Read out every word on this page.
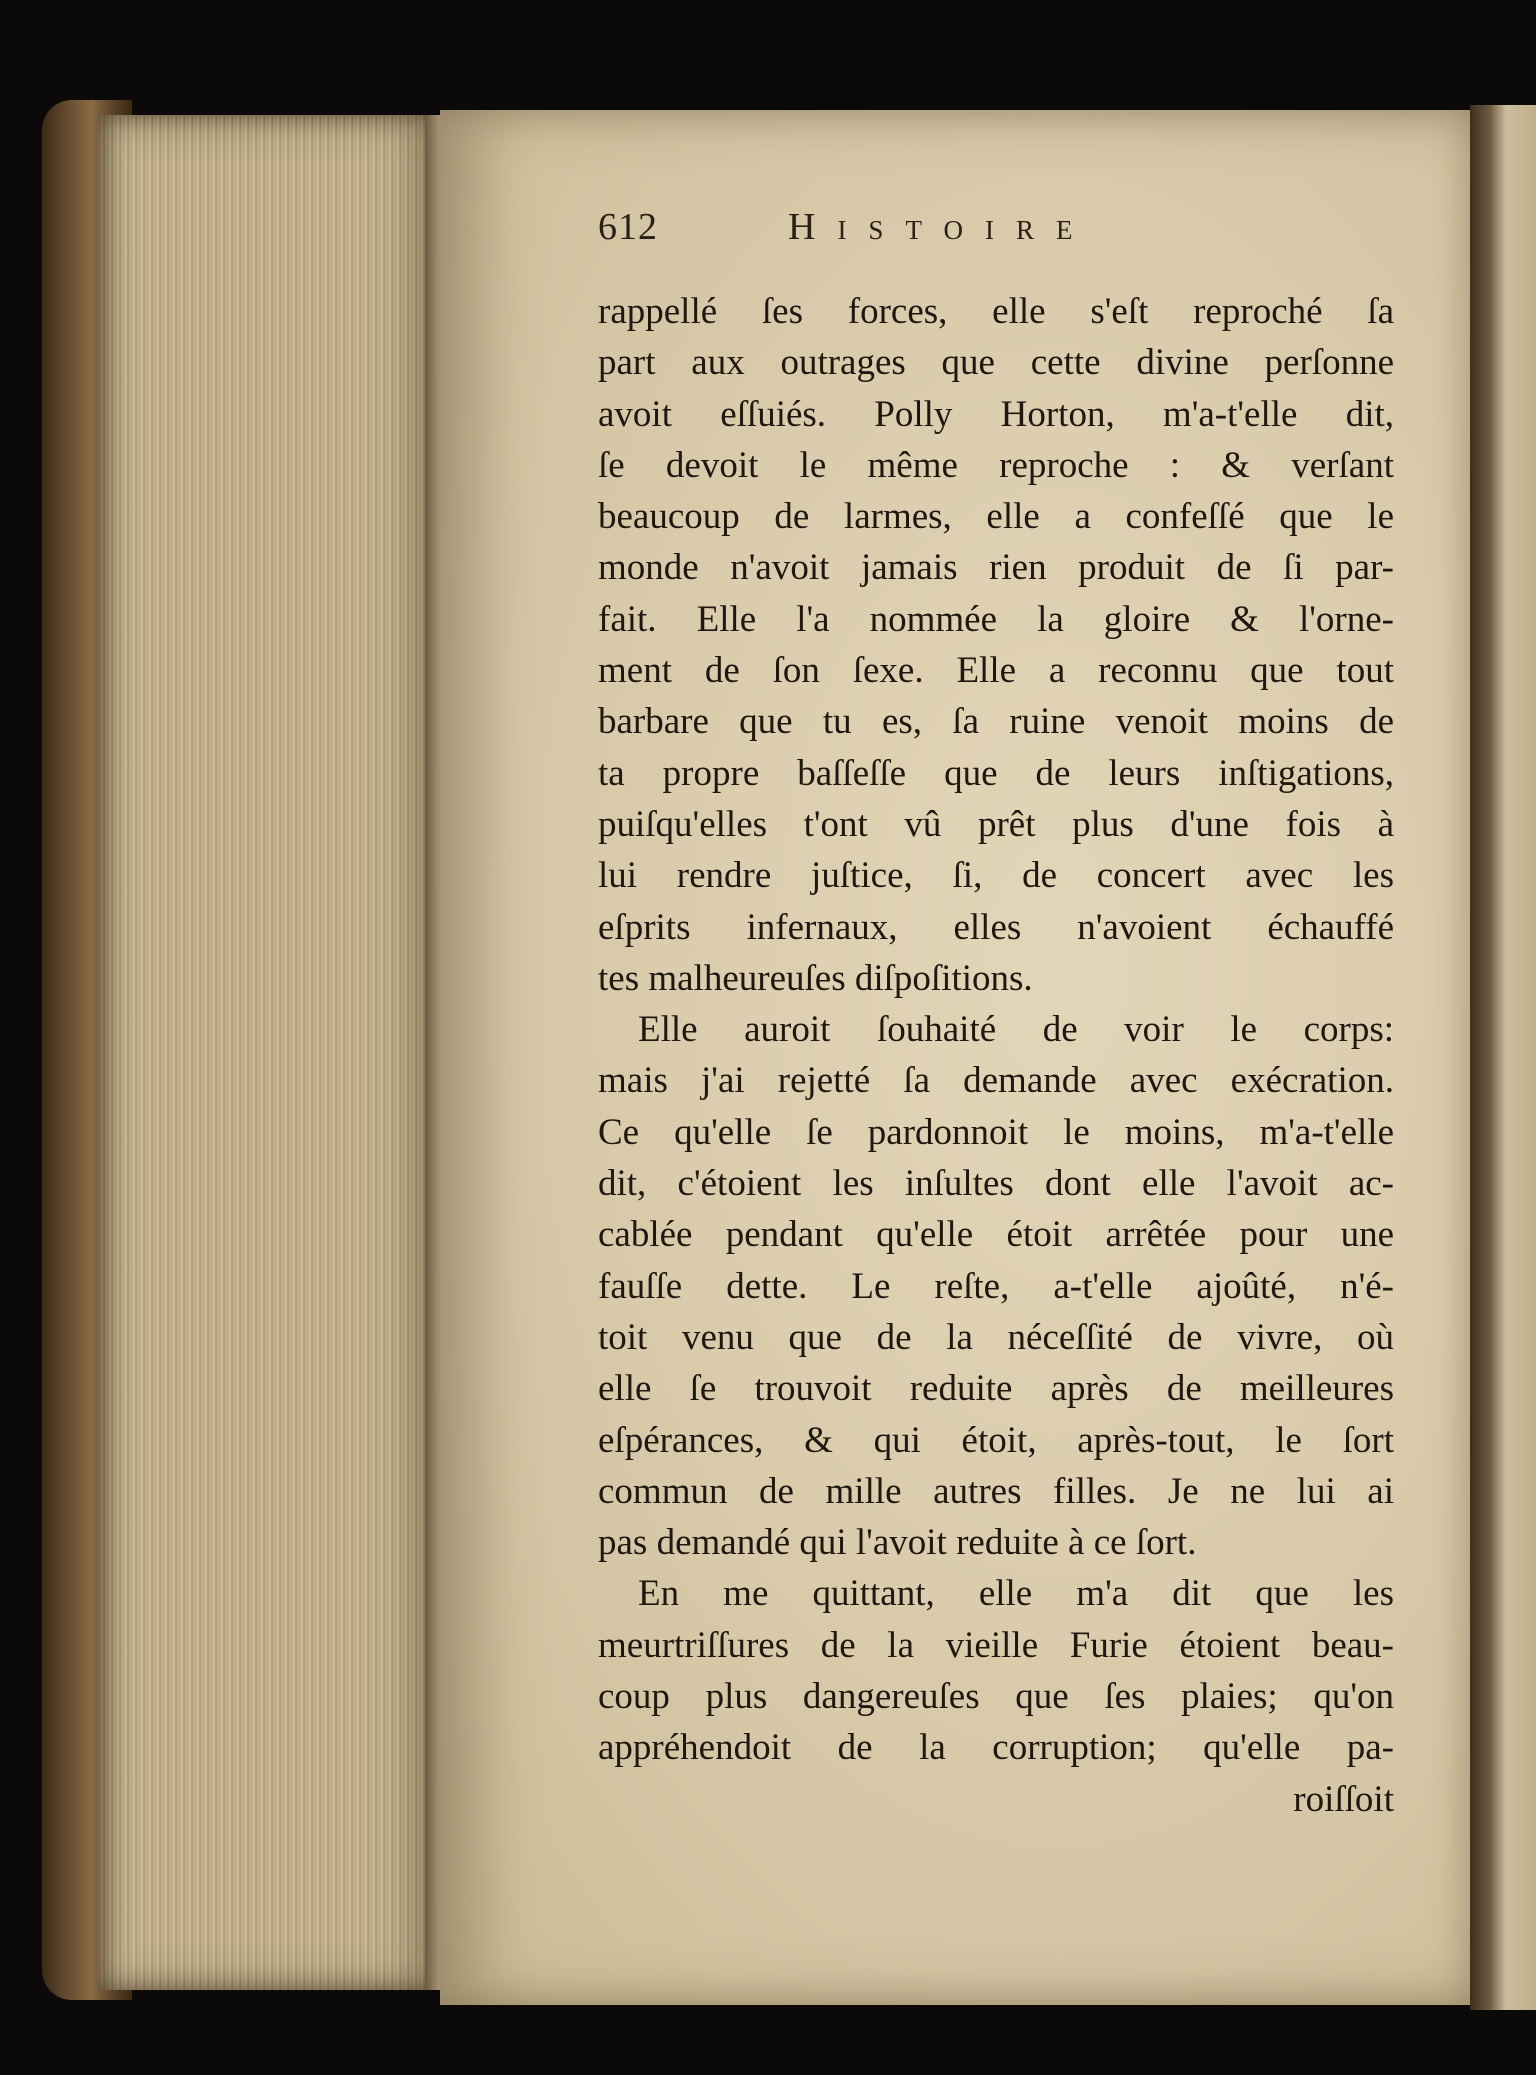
612	Histoire
rappellé ſes forces, elle s'eſt reproché ſa
part aux outrages que cette divine perſonne
avoit eſſuiés. Polly Horton, m'a-t'elle dit,
ſe devoit le même reproche : & verſant
beaucoup de larmes, elle a confeſſé que le
monde n'avoit jamais rien produit de ſi par-
fait. Elle l'a nommée la gloire & l'orne-
ment de ſon ſexe. Elle a reconnu que tout
barbare que tu es, ſa ruine venoit moins de
ta propre baſſeſſe que de leurs inſtigations,
puiſqu'elles t'ont vû prêt plus d'une fois à
lui rendre juſtice, ſi, de concert avec les
eſprits infernaux, elles n'avoient échauffé
tes malheureuſes diſpoſitions.
Elle auroit ſouhaité de voir le corps:
mais j'ai rejetté ſa demande avec exécration.
Ce qu'elle ſe pardonnoit le moins, m'a-t'elle
dit, c'étoient les inſultes dont elle l'avoit ac-
cablée pendant qu'elle étoit arrêtée pour une
fauſſe dette. Le reſte, a-t'elle ajoûté, n'é-
toit venu que de la néceſſité de vivre, où
elle ſe trouvoit reduite après de meilleures
eſpérances, & qui étoit, après-tout, le ſort
commun de mille autres filles. Je ne lui ai
pas demandé qui l'avoit reduite à ce ſort.
En me quittant, elle m'a dit que les
meurtriſſures de la vieille Furie étoient beau-
coup plus dangereuſes que ſes plaies; qu'on
appréhendoit de la corruption; qu'elle pa-
roiſſoit
